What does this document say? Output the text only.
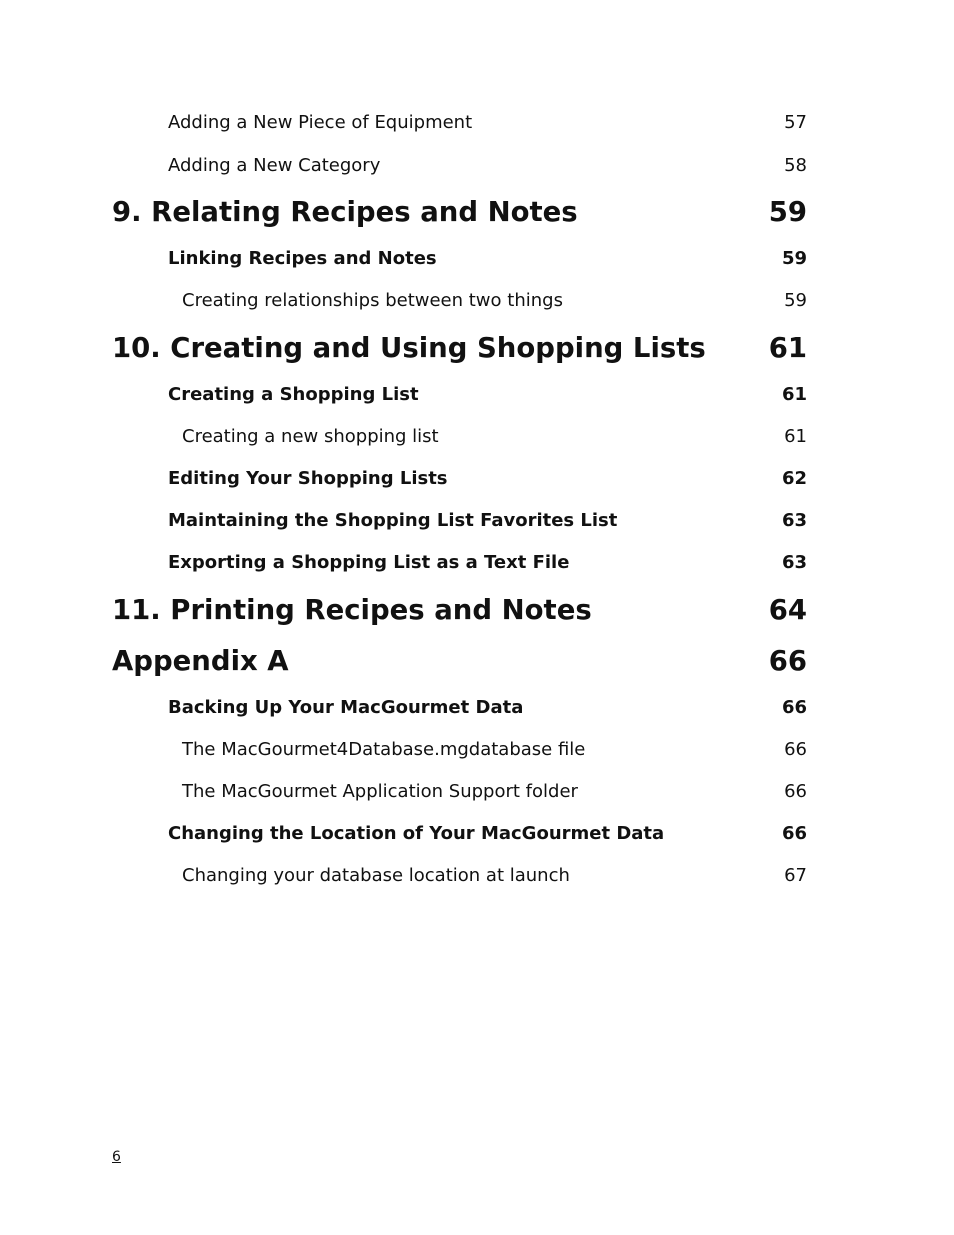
Adding a New Piece of Equipment	57
Adding a New Category	58
9. Relating Recipes and Notes	59
Linking Recipes and Notes	59
Creating relationships between two things	59
10. Creating and Using Shopping Lists 61
Creating a Shopping List	61
Creating a new shopping list	61
Editing Your Shopping Lists	62
Maintaining the Shopping List Favorites List	63
Exporting a Shopping List as a Text File	63
11. Printing Recipes and Notes	64
Appendix A	66
Backing Up Your MacGourmet Data	66
The MacGourmet4Database.mgdatabase file	66
The MacGourmet Application Support folder	66
Changing the Location of Your MacGourmet Data	66
Changing your database location at launch	67
6
